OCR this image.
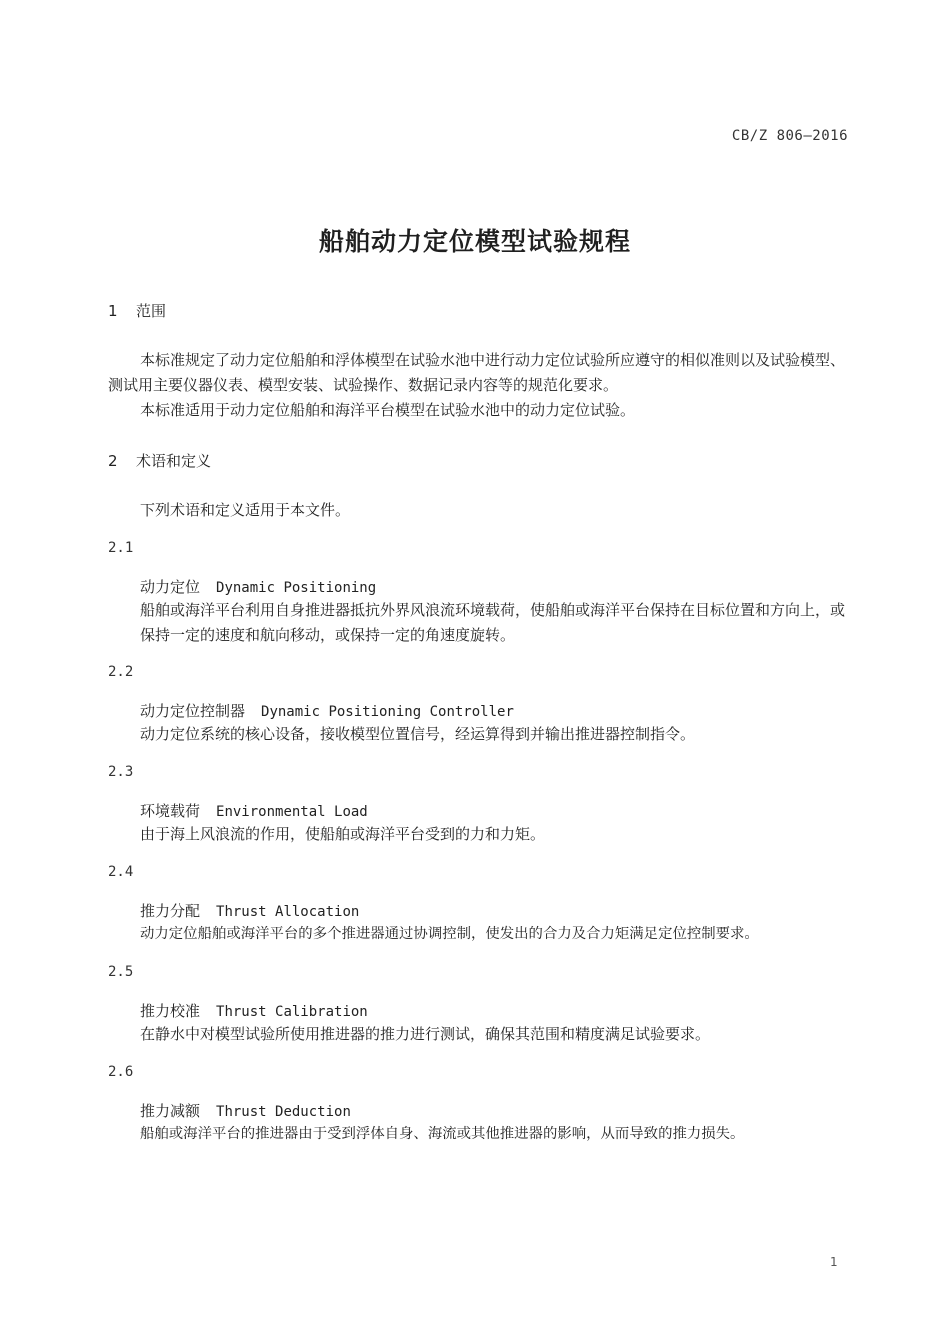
CB/Z 806—2016
船舶动力定位模型试验规程
1 范围
本标准规定了动力定位船舶和浮体模型在试验水池中进行动力定位试验所应遵守的相似准则以及试验模型、测试用主要仪器仪表、模型安装、试验操作、数据记录内容等的规范化要求。
本标准适用于动力定位船舶和海洋平台模型在试验水池中的动力定位试验。
2 术语和定义
下列术语和定义适用于本文件。
2.1
动力定位 Dynamic Positioning
船舶或海洋平台利用自身推进器抵抗外界风浪流环境载荷，使船舶或海洋平台保持在目标位置和方向上，或保持一定的速度和航向移动，或保持一定的角速度旋转。
2.2
动力定位控制器 Dynamic Positioning Controller
动力定位系统的核心设备，接收模型位置信号，经运算得到并输出推进器控制指令。
2.3
环境载荷 Environmental Load
由于海上风浪流的作用，使船舶或海洋平台受到的力和力矩。
2.4
推力分配 Thrust Allocation
动力定位船舶或海洋平台的多个推进器通过协调控制，使发出的合力及合力矩满足定位控制要求。
2.5
推力校准 Thrust Calibration
在静水中对模型试验所使用推进器的推力进行测试，确保其范围和精度满足试验要求。
2.6
推力减额 Thrust Deduction
船舶或海洋平台的推进器由于受到浮体自身、海流或其他推进器的影响，从而导致的推力损失。
1
